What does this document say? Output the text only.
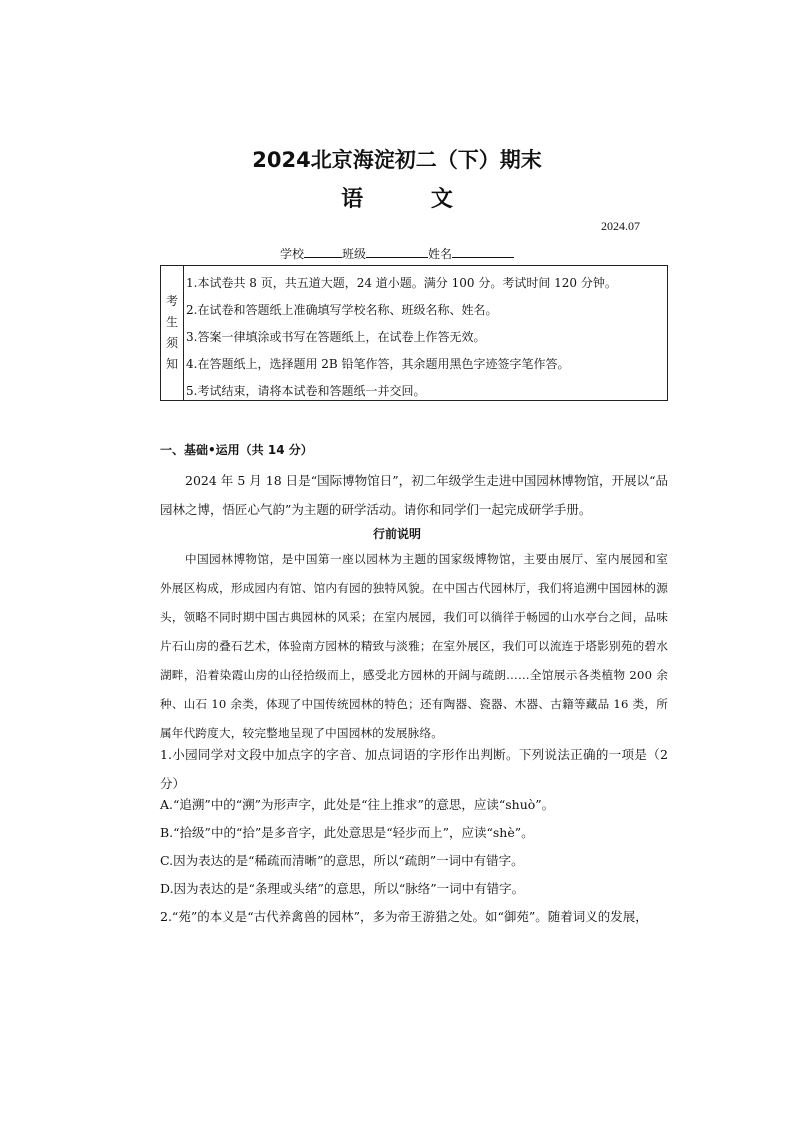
2024北京海淀初二（下）期末
语 文
2024.07
学校	班级	姓名
考
生
须
知
1.本试卷共 8 页，共五道大题，24 道小题。满分 100 分。考试时间 120 分钟。
2.在试卷和答题纸上准确填写学校名称、班级名称、姓名。
3.答案一律填涂或书写在答题纸上，在试卷上作答无效。
4.在答题纸上，选择题用 2B 铅笔作答，其余题用黑色字迹签字笔作答。
5.考试结束，请将本试卷和答题纸一并交回。
一、基础•运用（共 14 分）
2024 年 5 月 18 日是“国际博物馆日”，初二年级学生走进中国园林博物馆，开展以“品园林之博，悟匠心气韵”为主题的研学活动。请你和同学们一起完成研学手册。
行前说明
中国园林博物馆，是中国第一座以园林为主题的国家级博物馆，主要由展厅、室内展园和室外展区构成，形成园内有馆、馆内有园的独特风貌。在中国古代园林厅，我们将追溯中国园林的源头，领略不同时期中国古典园林的风采；在室内展园，我们可以徜徉于畅园的山水亭台之间，品味片石山房的叠石艺术，体验南方园林的精致与淡雅；在室外展区，我们可以流连于塔影别苑的碧水湖畔，沿着染霞山房的山径拾级而上，感受北方园林的开阔与疏朗……全馆展示各类植物 200 余种、山石 10 余类，体现了中国传统园林的特色；还有陶器、瓷器、木器、古籍等藏品 16 类，所属年代跨度大，较完整地呈现了中国园林的发展脉络。
1.小园同学对文段中加点字的字音、加点词语的字形作出判断。下列说法正确的一项是（2分）
A.“追溯”中的“溯”为形声字，此处是“往上推求”的意思，应读“shuò”。
B.“拾级”中的“拾”是多音字，此处意思是“轻步而上”，应读“shè”。
C.因为表达的是“稀疏而清晰”的意思，所以“疏朗”一词中有错字。
D.因为表达的是“条理或头绪”的意思，所以“脉络”一词中有错字。
2.“苑”的本义是“古代养禽兽的园林”，多为帝王游猎之处。如“御苑”。随着词义的发展，
